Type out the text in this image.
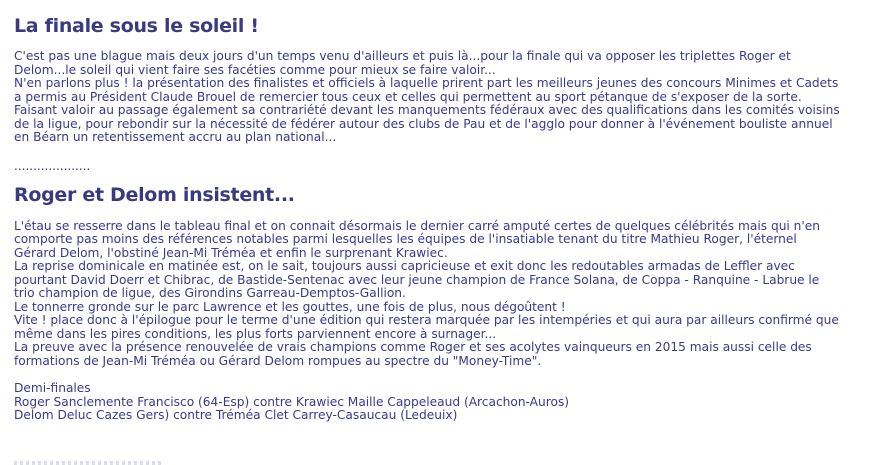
La finale sous le soleil !
C'est pas une blague mais deux jours d'un temps venu d'ailleurs et puis là...pour la finale qui va opposer les triplettes Roger et
Delom...le soleil qui vient faire ses facéties comme pour mieux se faire valoir...
N'en parlons plus ! la présentation des finalistes et officiels à laquelle prirent part les meilleurs jeunes des concours Minimes et Cadets
a permis au Président Claude Brouel de remercier tous ceux et celles qui permettent au sport pétanque de s'exposer de la sorte.
Faisant valoir au passage également sa contrariété devant les manquements fédéraux avec des qualifications dans les comités voisins
de la ligue, pour rebondir sur la nécessité de fédérer autour des clubs de Pau et de l'agglo pour donner à l'événement bouliste annuel
en Béarn un retentissement accru au plan national...
....................
Roger et Delom insistent...
L'étau se resserre dans le tableau final et on connait désormais le dernier carré amputé certes de quelques célébrités mais qui n'en
comporte pas moins des références notables parmi lesquelles les équipes de l'insatiable tenant du titre Mathieu Roger, l'éternel
Gérard Delom, l'obstiné Jean-Mi Tréméa et enfin le surprenant Krawiec.
La reprise dominicale en matinée est, on le sait, toujours aussi capricieuse et exit donc les redoutables armadas de Leffler avec
pourtant David Doerr et Chibrac, de Bastide-Sentenac avec leur jeune champion de France Solana, de Coppa - Ranquine - Labrue le
trio champion de ligue, des Girondins Garreau-Demptos-Gallion.
Le tonnerre gronde sur le parc Lawrence et les gouttes, une fois de plus, nous dégoûtent !
Vite ! place donc à l'épilogue pour le terme d'une édition qui restera marquée par les intempéries et qui aura par ailleurs confirmé que
même dans les pires conditions, les plus forts parviennent encore à surnager...
La preuve avec la présence renouvelée de vrais champions comme Roger et ses acolytes vainqueurs en 2015 mais aussi celle des
formations de Jean-Mi Tréméa ou Gérard Delom rompues au spectre du "Money-Time".
Demi-finales
Roger Sanclemente Francisco (64-Esp) contre Krawiec Maille Cappeleaud (Arcachon-Auros)
Delom Deluc Cazes Gers) contre Tréméa Clet Carrey-Casaucau (Ledeuix)
